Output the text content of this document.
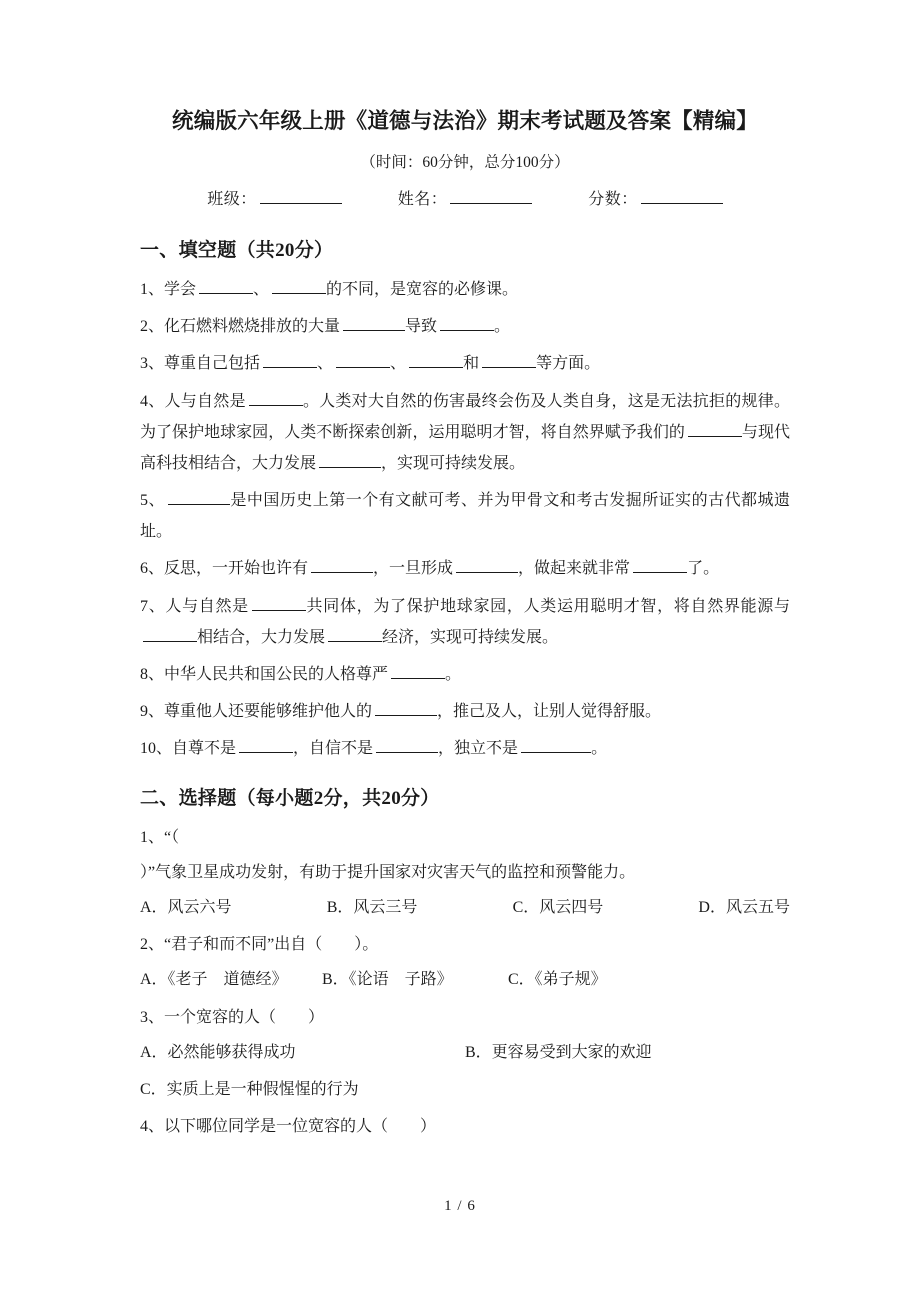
统编版六年级上册《道德与法治》期末考试题及答案【精编】
（时间：60分钟，总分100分）
班级：	姓名：	分数：
一、填空题（共20分）

1、学会	、	的不同，是宽容的必修课。

2、化石燃料燃烧排放的大量	导致	。

3、尊重自己包括	、	、	和	等方面。

4、人与自然是	。人类对大自然的伤害最终会伤及人类自身，这是无法抗拒的规律。为了保护地球家园，人类不断探索创新，运用聪明才智，将自然界赋予我们的	与现代高科技相结合，大力发展	，实现可持续发展。

5、	是中国历史上第一个有文献可考、并为甲骨文和考古发掘所证实的古代都城遗址。

6、反思，一开始也许有	，一旦形成	，做起来就非常	了。

7、人与自然是	共同体，为了保护地球家园，人类运用聪明才智，将自然界能源与相结合，大力发展	经济，实现可持续发展。

8、中华人民共和国公民的人格尊严	。

9、尊重他人还要能够维护他人的	，推己及人，让别人觉得舒服。

10、自尊不是	，自信不是	，独立不是	。

二、选择题（每小题2分，共20分）

1、“（

）”气象卫星成功发射，有助于提升国家对灾害天气的监控和预警能力。

A．风云六号	B．风云三号	C．风云四号	D．风云五号

2、“君子和而不同”出自（　　）。

A．《老子　道德经》	B．《论语　子路》	C．《弟子规》

3、一个宽容的人（　　）

A．必然能够获得成功	B．更容易受到大家的欢迎
C．实质上是一种假惺惺的行为

4、以下哪位同学是一位宽容的人（　　）

1 / 6
